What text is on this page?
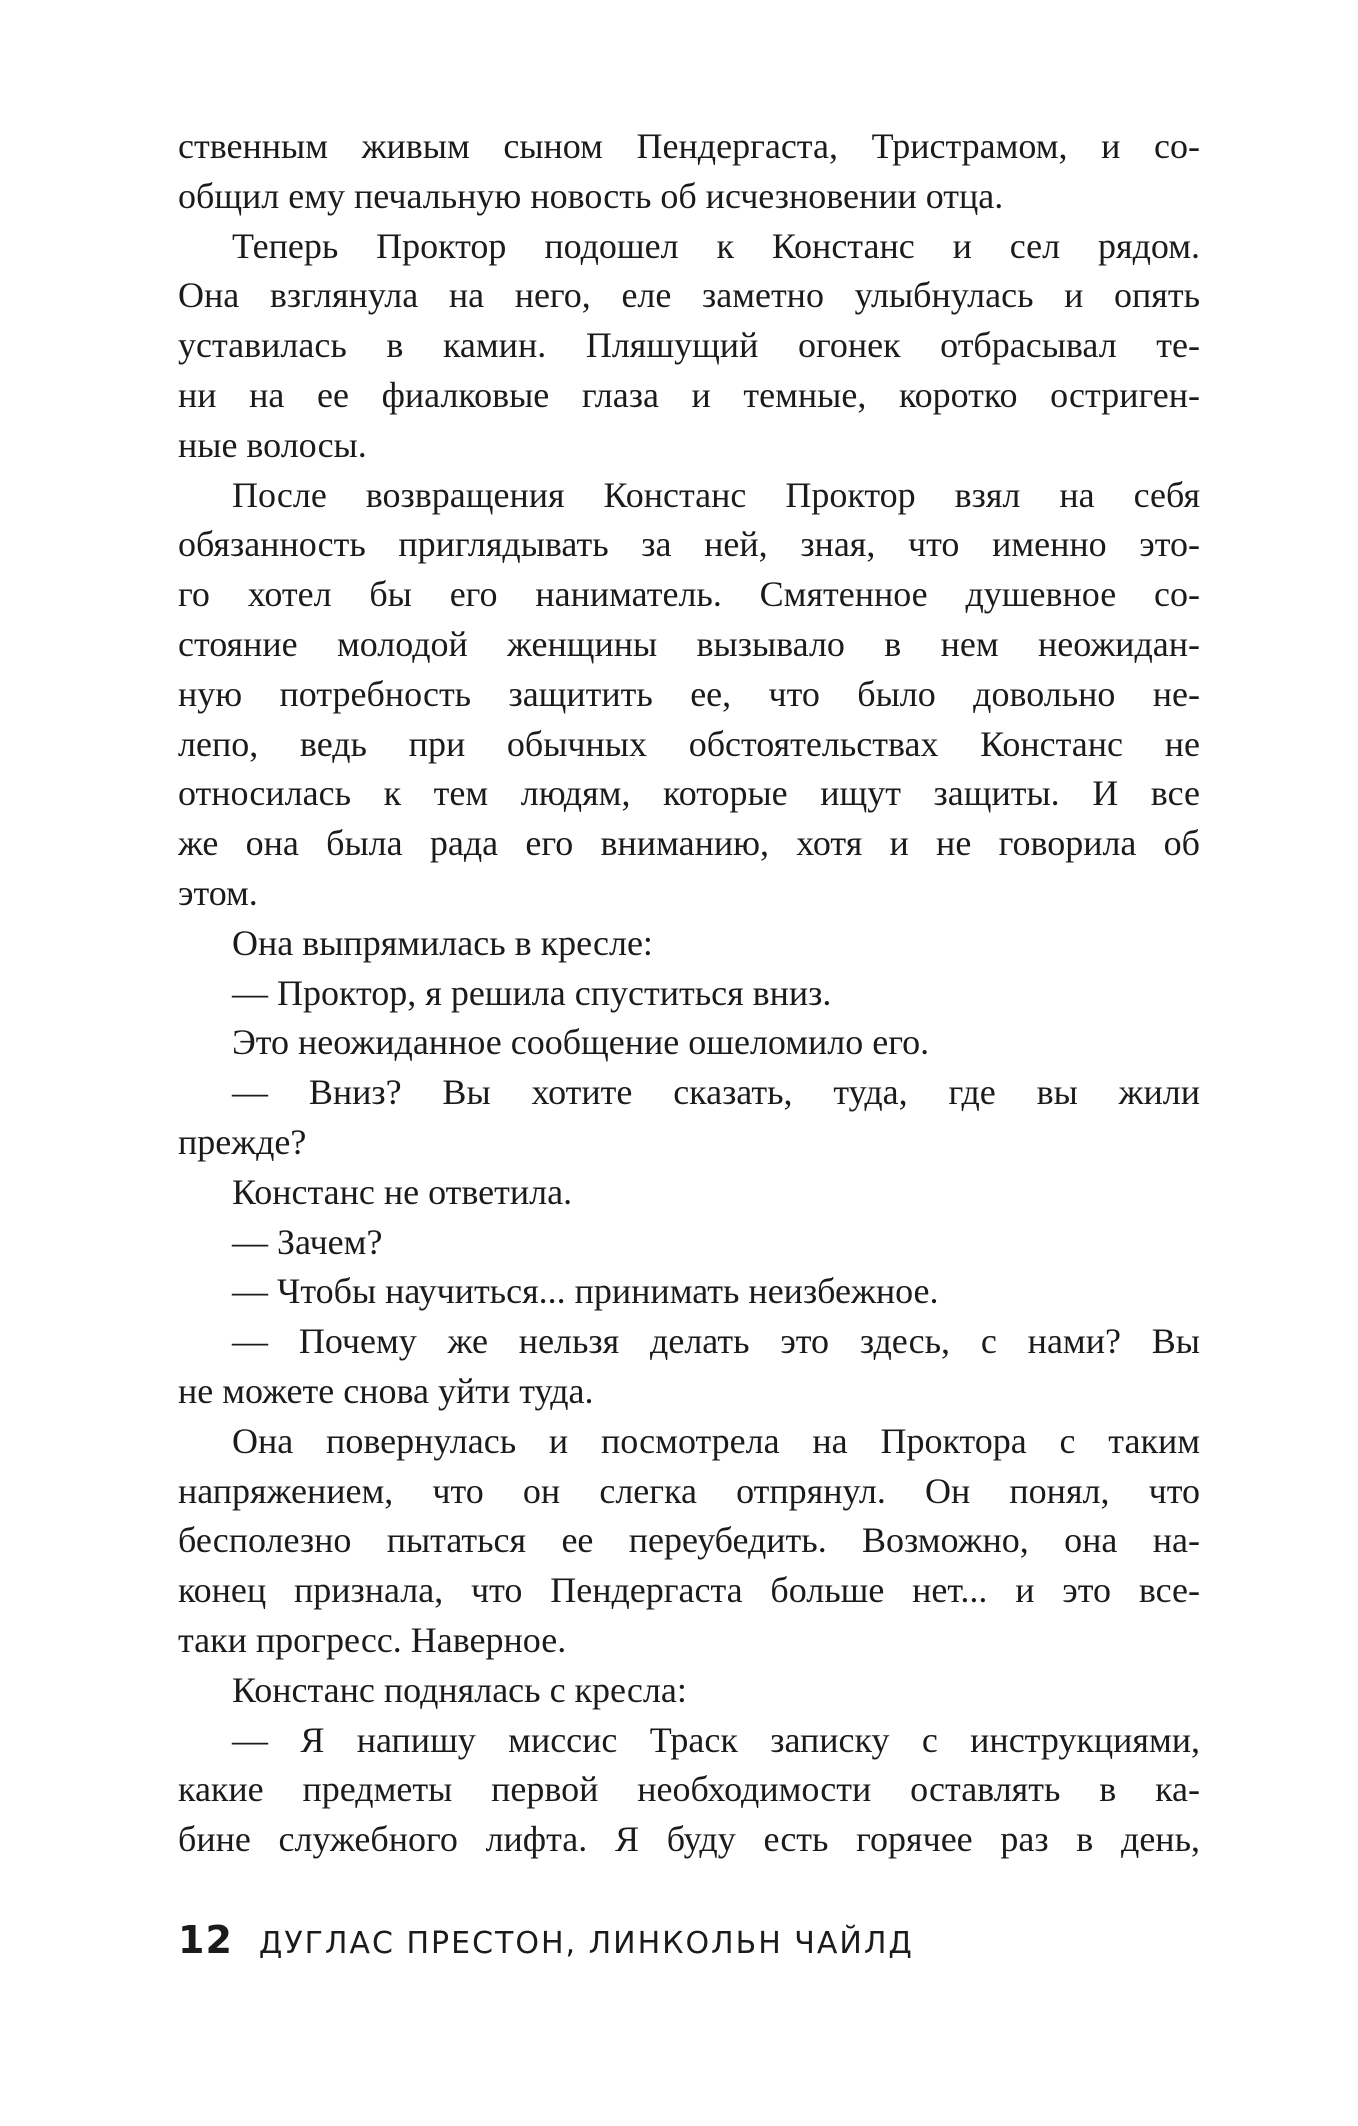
ственным живым сыном Пендергаста, Тристрамом, и со-
общил ему печальную новость об исчезновении отца.
Теперь Проктор подошел к Констанс и сел рядом.
Она взглянула на него, еле заметно улыбнулась и опять
уставилась в камин. Пляшущий огонек отбрасывал те-
ни на ее фиалковые глаза и темные, коротко остриген-
ные волосы.
После возвращения Констанс Проктор взял на себя
обязанность приглядывать за ней, зная, что именно это-
го хотел бы его наниматель. Смятенное душевное со-
стояние молодой женщины вызывало в нем неожидан-
ную потребность защитить ее, что было довольно не-
лепо, ведь при обычных обстоятельствах Констанс не
относилась к тем людям, которые ищут защиты. И все
же она была рада его вниманию, хотя и не говорила об
этом.
Она выпрямилась в кресле:
— Проктор, я решила спуститься вниз.
Это неожиданное сообщение ошеломило его.
— Вниз? Вы хотите сказать, туда, где вы жили
прежде?
Констанс не ответила.
— Зачем?
— Чтобы научиться... принимать неизбежное.
— Почему же нельзя делать это здесь, с нами? Вы
не можете снова уйти туда.
Она повернулась и посмотрела на Проктора с таким
напряжением, что он слегка отпрянул. Он понял, что
бесполезно пытаться ее переубедить. Возможно, она на-
конец признала, что Пендергаста больше нет... и это все-
таки прогресс. Наверное.
Констанс поднялась с кресла:
— Я напишу миссис Траск записку с инструкциями,
какие предметы первой необходимости оставлять в ка-
бине служебного лифта. Я буду есть горячее раз в день,
12 ДУГЛАС ПРЕСТОН, ЛИНКОЛЬН ЧАЙЛД
